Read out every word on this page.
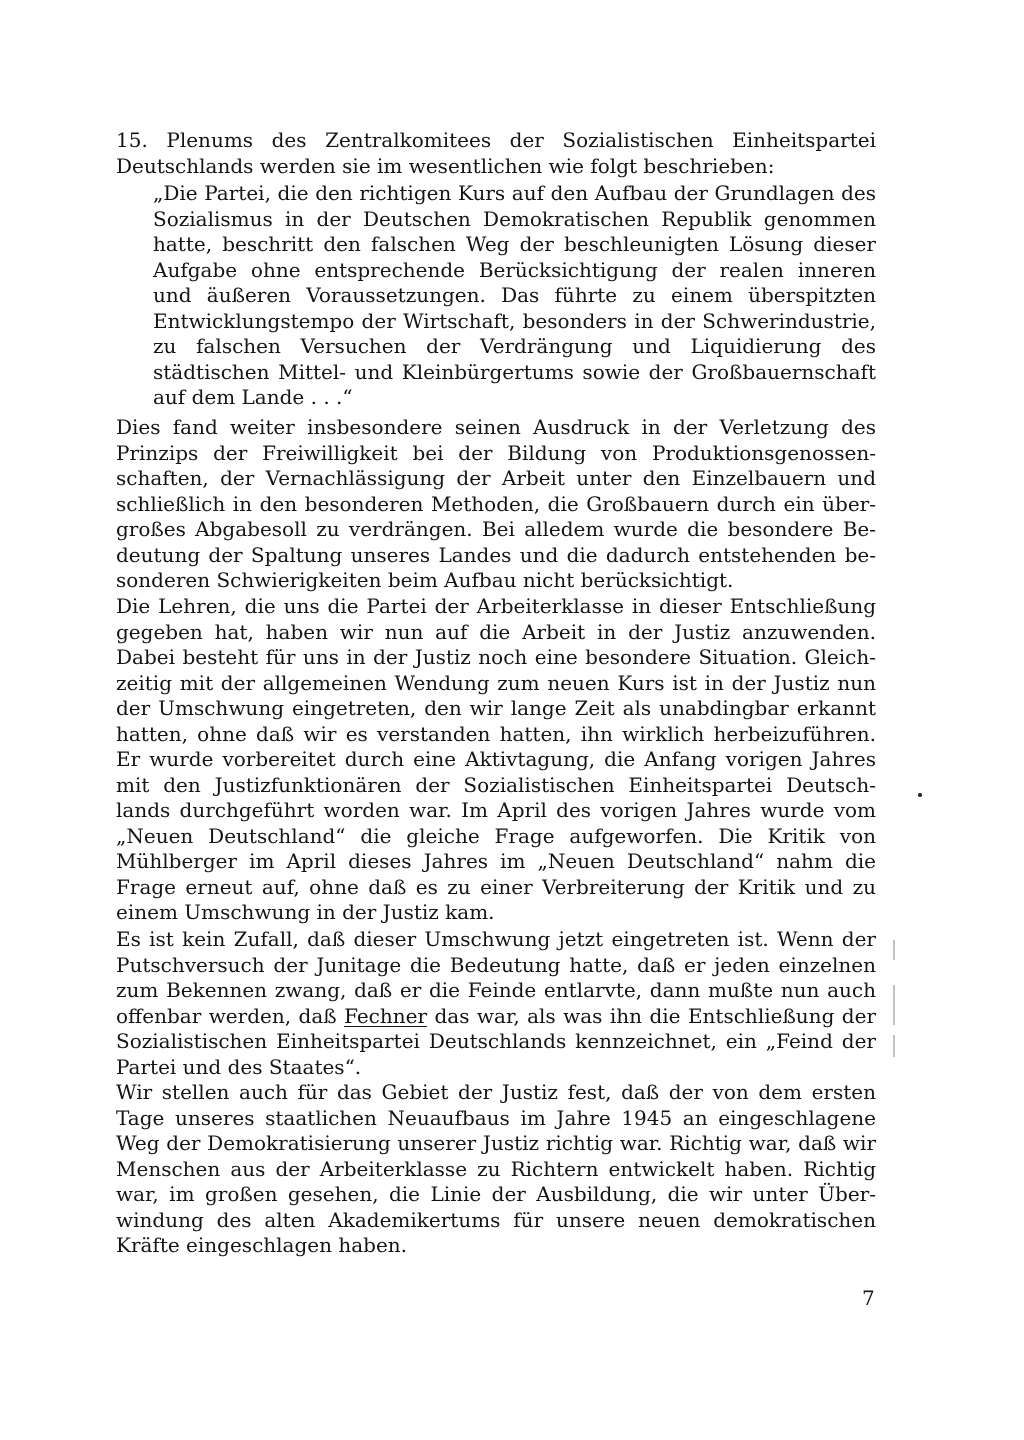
15. Plenums des Zentralkomitees der Sozialistischen Einheitspartei Deutschlands werden sie im wesentlichen wie folgt beschrieben:

„Die Partei, die den richtigen Kurs auf den Aufbau der Grundlagen des Sozialismus in der Deutschen Demokratischen Republik genommen hatte, beschritt den falschen Weg der beschleunigten Lösung dieser Aufgabe ohne entsprechende Berücksichtigung der realen inneren und äußeren Voraussetzungen. Das führte zu einem überspitzten Entwicklungstempo der Wirtschaft, besonders in der Schwerindustrie, zu falschen Versuchen der Verdrängung und Liquidierung des städtischen Mittel- und Kleinbürgertums sowie der Großbauernschaft auf dem Lande . . .“

Dies fand weiter insbesondere seinen Ausdruck in der Verletzung des Prinzips der Freiwilligkeit bei der Bildung von Produktionsgenossenschaften, der Vernachlässigung der Arbeit unter den Einzelbauern und schließlich in den besonderen Methoden, die Großbauern durch ein übergroßes Abgabesoll zu verdrängen. Bei alledem wurde die besondere Bedeutung der Spaltung unseres Landes und die dadurch entstehenden besonderen Schwierigkeiten beim Aufbau nicht berücksichtigt.

Die Lehren, die uns die Partei der Arbeiterklasse in dieser Entschließung gegeben hat, haben wir nun auf die Arbeit in der Justiz anzuwenden. Dabei besteht für uns in der Justiz noch eine besondere Situation. Gleichzeitig mit der allgemeinen Wendung zum neuen Kurs ist in der Justiz nun der Umschwung eingetreten, den wir lange Zeit als unabdingbar erkannt hatten, ohne daß wir es verstanden hatten, ihn wirklich herbeizuführen. Er wurde vorbereitet durch eine Aktivtagung, die Anfang vorigen Jahres mit den Justizfunktionären der Sozialistischen Einheitspartei Deutschlands durchgeführt worden war. Im April des vorigen Jahres wurde vom „Neuen Deutschland“ die gleiche Frage aufgeworfen. Die Kritik von Mühlberger im April dieses Jahres im „Neuen Deutschland“ nahm die Frage erneut auf, ohne daß es zu einer Verbreiterung der Kritik und zu einem Umschwung in der Justiz kam.

Es ist kein Zufall, daß dieser Umschwung jetzt eingetreten ist. Wenn der Putschversuch der Junitage die Bedeutung hatte, daß er jeden einzelnen zum Bekennen zwang, daß er die Feinde entlarvte, dann mußte nun auch offenbar werden, daß Fechner das war, als was ihn die Entschließung der Sozialistischen Einheitspartei Deutschlands kennzeichnet, ein „Feind der Partei und des Staates“.

Wir stellen auch für das Gebiet der Justiz fest, daß der von dem ersten Tage unseres staatlichen Neuaufbaus im Jahre 1945 an eingeschlagene Weg der Demokratisierung unserer Justiz richtig war. Richtig war, daß wir Menschen aus der Arbeiterklasse zu Richtern entwickelt haben. Richtig war, im großen gesehen, die Linie der Ausbildung, die wir unter Überwindung des alten Akademikertums für unsere neuen demokratischen Kräfte eingeschlagen haben.

7
